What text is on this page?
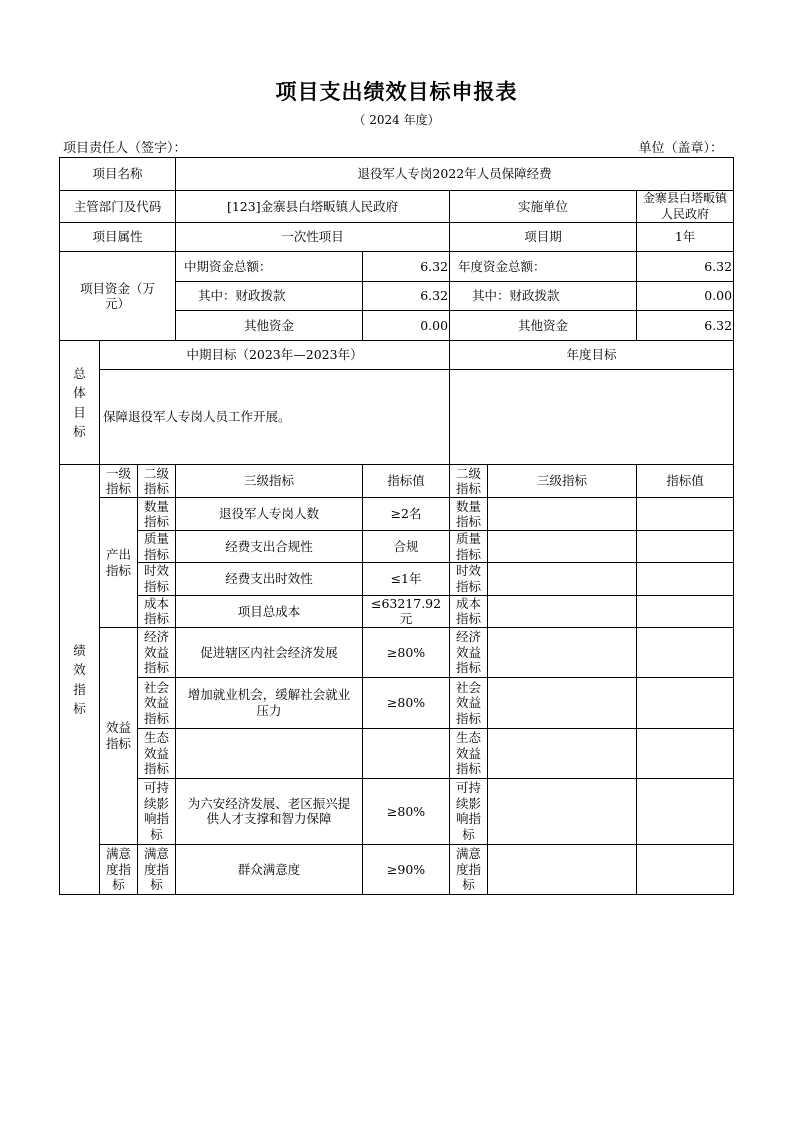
项目支出绩效目标申报表
（ 2024 年度）
项目责任人（签字）：	单位（盖章）：
项目名称			退役军人专岗2022年人员保障经费				
主管部门及代码			[123]金寨县白塔畈镇人民政府		实施单位		金寨县白塔畈镇人民政府
项目属性			一次性项目		项目期		1年
项目资金（万元）			中期资金总额：	6.32	年度资金总额：		6.32
			其中：财政拨款	6.32	其中：财政拨款		0.00
			其他资金	0.00	其他资金		6.32
总体目标	中期目标（2023年—2023年）				年度目标		
	保障退役军人专岗人员工作开展。						
绩效指标	一级指标	二级指标	三级指标	指标值	二级指标	三级指标	指标值
	产出指标	数量指标	退役军人专岗人数	≥2名	数量指标		
		质量指标	经费支出合规性	合规	质量指标		
		时效指标	经费支出时效性	≤1年	时效指标		
		成本指标	项目总成本	≤63217.92元	成本指标		
	效益指标	经济效益指标	促进辖区内社会经济发展	≥80%	经济效益指标		
		社会效益指标	增加就业机会，缓解社会就业压力	≥80%	社会效益指标		
		生态效益指标			生态效益指标		
		可持续影响指标	为六安经济发展、老区振兴提供人才支撑和智力保障	≥80%	可持续影响指标		
	满意度指标	满意度指标	群众满意度	≥90%	满意度指标		
